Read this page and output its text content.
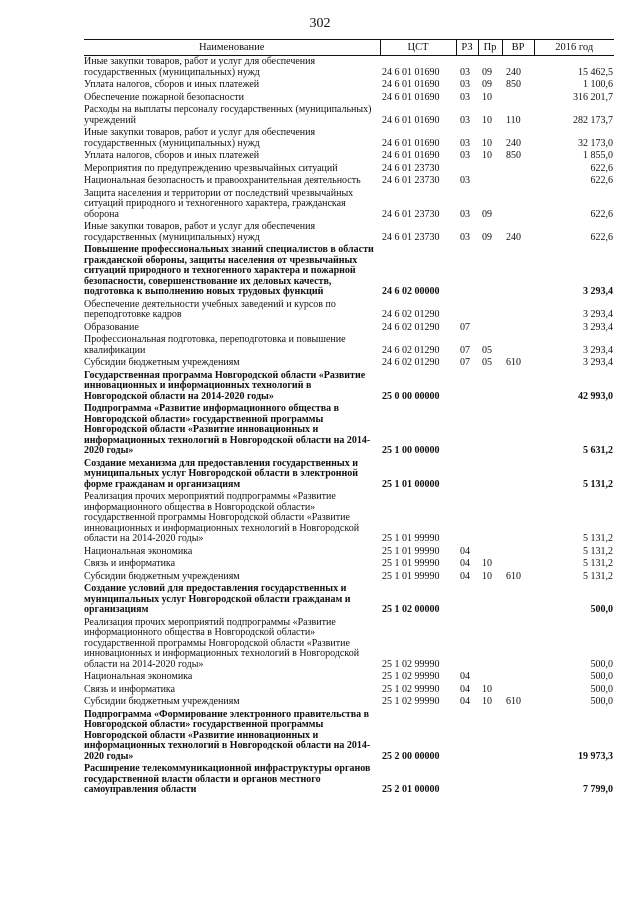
302
Наименование	ЦСТ	РЗ	Пр	ВР	2016 год
Иные закупки товаров, работ и услуг для обеспечения государственных (муниципальных) нужд	24 6 01 01690	03	09	240	15 462,5
Уплата налогов, сборов и иных платежей	24 6 01 01690	03	09	850	1 100,6
Обеспечение пожарной безопасности	24 6 01 01690	03	10		316 201,7
Расходы на выплаты персоналу государственных (муниципальных) учреждений	24 6 01 01690	03	10	110	282 173,7
Иные закупки товаров, работ и услуг для обеспечения государственных (муниципальных) нужд	24 6 01 01690	03	10	240	32 173,0
Уплата налогов, сборов и иных платежей	24 6 01 01690	03	10	850	1 855,0
Мероприятия по предупреждению чрезвычайных ситуаций	24 6 01 23730				622,6
Национальная безопасность и правоохранительная деятельность	24 6 01 23730	03			622,6
Защита населения и территории от последствий чрезвычайных ситуаций природного и техногенного характера, гражданская оборона	24 6 01 23730	03	09		622,6
Иные закупки товаров, работ и услуг для обеспечения государственных (муниципальных) нужд	24 6 01 23730	03	09	240	622,6
Повышение профессиональных знаний специалистов в области гражданской обороны, защиты населения от чрезвычайных ситуаций природного и техногенного характера и пожарной безопасности, совершенствование их деловых качеств, подготовка к выполнению новых трудовых функций	24 6 02 00000				3 293,4
Обеспечение деятельности учебных заведений и курсов по переподготовке кадров	24 6 02 01290				3 293,4
Образование	24 6 02 01290	07			3 293,4
Профессиональная подготовка, переподготовка и повышение квалификации	24 6 02 01290	07	05		3 293,4
Субсидии бюджетным учреждениям	24 6 02 01290	07	05	610	3 293,4
Государственная программа Новгородской области «Развитие инновационных и информационных технологий в Новгородской области на 2014-2020 годы»	25 0 00 00000				42 993,0
Подпрограмма «Развитие информационного общества в Новгородской области» государственной программы Новгородской области «Развитие инновационных и информационных технологий в Новгородской области на 2014-2020 годы»	25 1 00 00000				5 631,2
Создание механизма для предоставления государственных и муниципальных услуг Новгородской области в электронной форме гражданам и организациям	25 1 01 00000				5 131,2
Реализация прочих мероприятий подпрограммы «Развитие информационного общества в Новгородской области» государственной программы Новгородской области «Развитие инновационных и информационных технологий в Новгородской области на 2014-2020 годы»	25 1 01 99990				5 131,2
Национальная экономика	25 1 01 99990	04			5 131,2
Связь и информатика	25 1 01 99990	04	10		5 131,2
Субсидии бюджетным учреждениям	25 1 01 99990	04	10	610	5 131,2
Создание условий для предоставления государственных и муниципальных услуг Новгородской области гражданам и организациям	25 1 02 00000				500,0
Реализация прочих мероприятий подпрограммы «Развитие информационного общества в Новгородской области» государственной программы Новгородской области «Развитие инновационных и информационных технологий в Новгородской области на 2014-2020 годы»	25 1 02 99990				500,0
Национальная экономика	25 1 02 99990	04			500,0
Связь и информатика	25 1 02 99990	04	10		500,0
Субсидии бюджетным учреждениям	25 1 02 99990	04	10	610	500,0
Подпрограмма «Формирование электронного правительства в Новгородской области» государственной программы Новгородской области «Развитие инновационных и информационных технологий в Новгородской области на 2014-2020 годы»	25 2 00 00000				19 973,3
Расширение телекоммуникационной инфраструктуры органов государственной власти области и органов местного самоуправления области	25 2 01 00000				7 799,0
